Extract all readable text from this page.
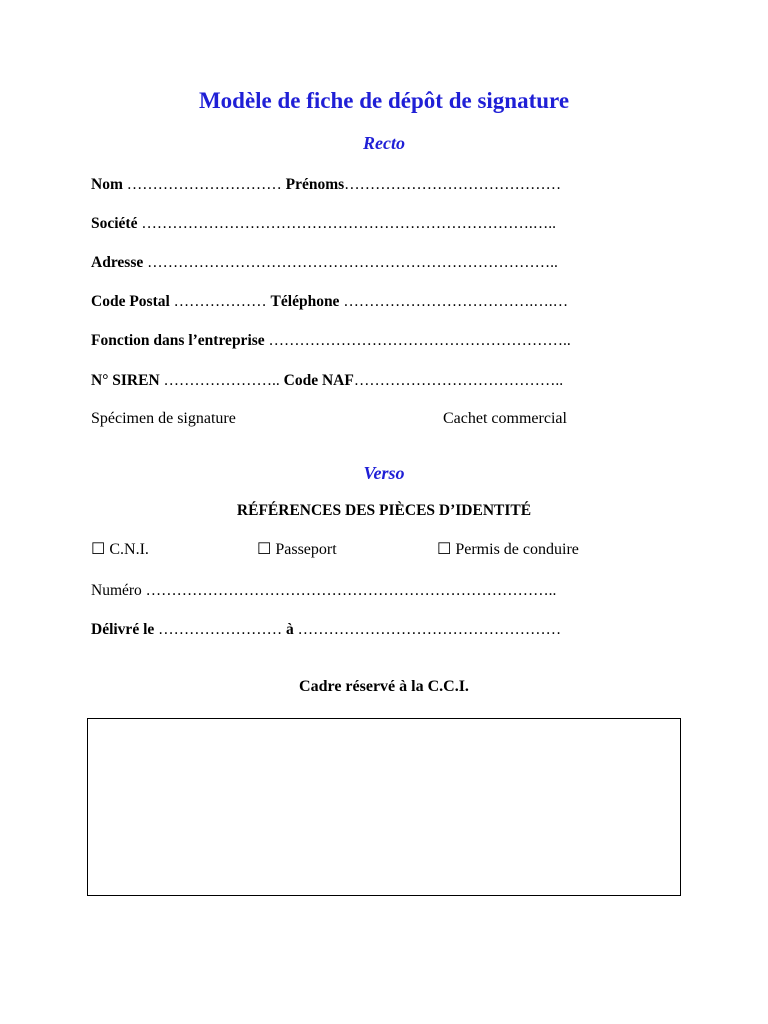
Modèle de fiche de dépôt de signature
Recto
Nom ………………………… Prénoms……………………………………
Société ………………………………………………………………….…..
Adresse ……………………………………………………………………..
Code Postal ……………… Téléphone ……………………………….….…
Fonction dans l’entreprise …………………………………………………..
N° SIREN ………………….. Code NAF…………………………………..
Spécimen de signature	Cachet commercial
Verso
RÉFÉRENCES DES PIÈCES D’IDENTITÉ
☐ C.N.I.	☐ Passeport	☐ Permis de conduire
Numéro ……………………………………………………………………..
Délivré le …………………… à ……………………………………………
Cadre réservé à la C.C.I.
